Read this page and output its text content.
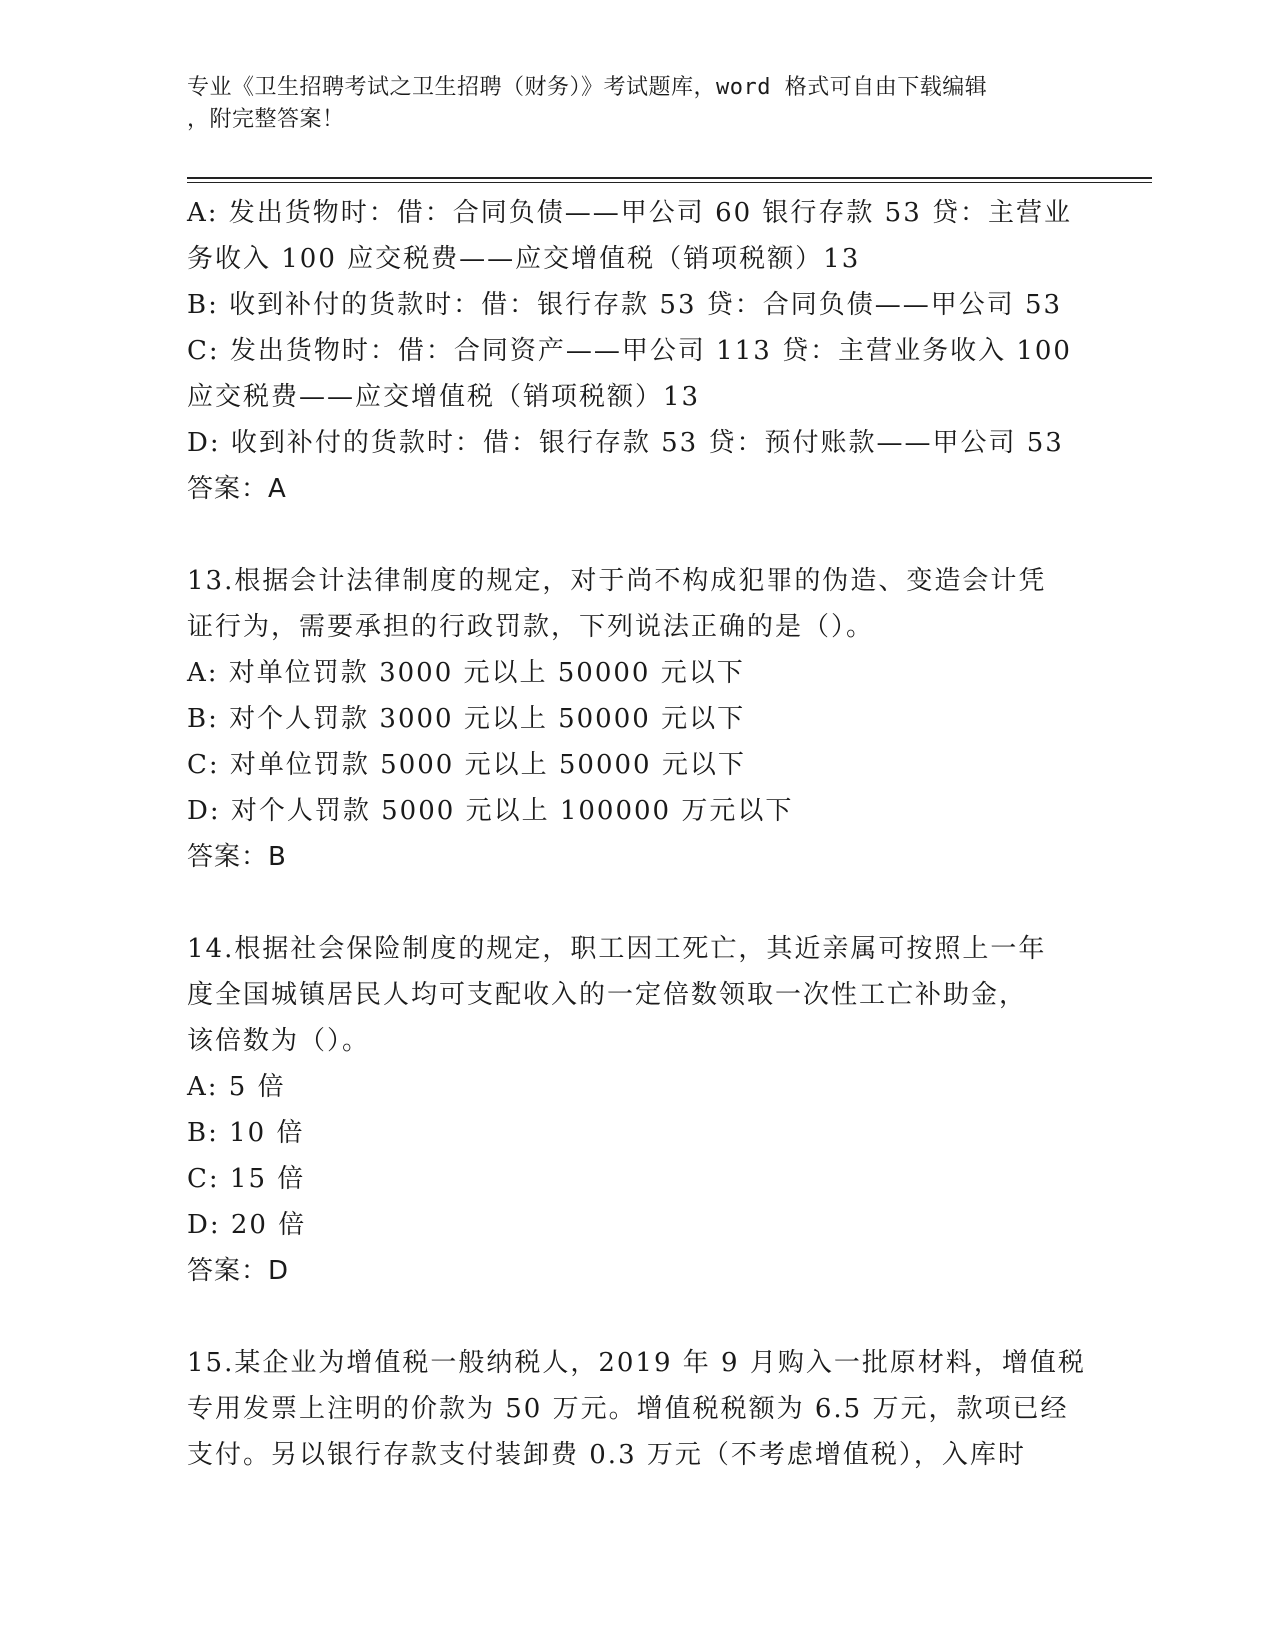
专业《卫生招聘考试之卫生招聘（财务）》考试题库，word 格式可自由下载编辑
，附完整答案！
A: 发出货物时：借：合同负债——甲公司 60 银行存款 53 贷：主营业
务收入 100 应交税费——应交增值税（销项税额）13
B: 收到补付的货款时：借：银行存款 53 贷：合同负债——甲公司 53
C: 发出货物时：借：合同资产——甲公司 113 贷：主营业务收入 100
应交税费——应交增值税（销项税额）13
D: 收到补付的货款时：借：银行存款 53 贷：预付账款——甲公司 53
答案：A
13.根据会计法律制度的规定，对于尚不构成犯罪的伪造、变造会计凭
证行为，需要承担的行政罚款，下列说法正确的是（）。
A: 对单位罚款 3000 元以上 50000 元以下
B: 对个人罚款 3000 元以上 50000 元以下
C: 对单位罚款 5000 元以上 50000 元以下
D: 对个人罚款 5000 元以上 100000 万元以下
答案：B
14.根据社会保险制度的规定，职工因工死亡，其近亲属可按照上一年
度全国城镇居民人均可支配收入的一定倍数领取一次性工亡补助金，
该倍数为（）。
A: 5 倍
B: 10 倍
C: 15 倍
D: 20 倍
答案：D
15.某企业为增值税一般纳税人，2019 年 9 月购入一批原材料，增值税
专用发票上注明的价款为 50 万元。增值税税额为 6.5 万元，款项已经
支付。另以银行存款支付装卸费 0.3 万元（不考虑增值税），入库时
